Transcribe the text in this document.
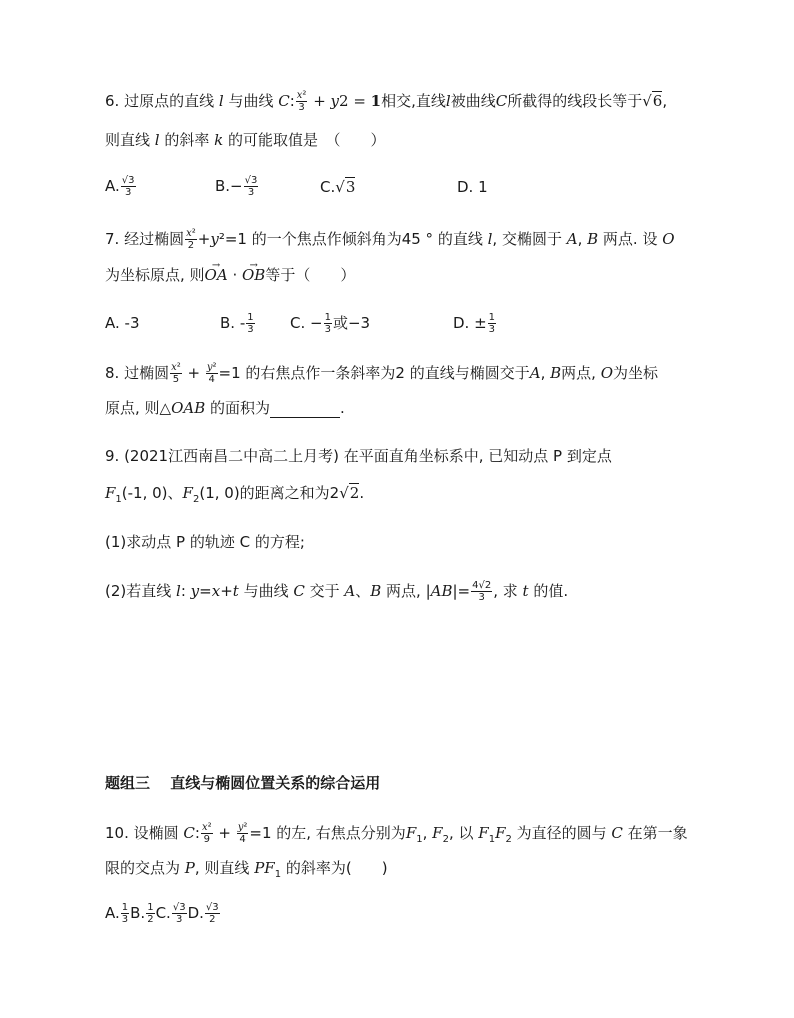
6. 过原点的直线 l 与曲线 C: $\frac{\text{x²}}{3} + y2 = 1$相交,直线l被曲线C所截得的线段长等于√6,
则直线 l 的斜率 k 的可能取值是　（　　）
A. $\frac{√3}{3}$	$B.- \frac{√3}{3}$	C.√3	D. 1
7. 经过椭圆 $\frac{\text{x²}}{2} +y^2=1$ 的一个焦点作倾斜角为45 ° 的直线 l, 交椭圆于 A, B 两点. 设 O
为坐标原点, 则→ OA · → OB等于（　　）
A. -3	B. - $\frac{1}{3} C$. − $\frac{1}{3}$ 或−3	D. ± $\frac{1}{3}$
8. 过椭圆 $\frac{\text{x²}}{5} + \frac{\text{y²}}{4} =1$ 的右焦点作一条斜率为2 的直线与椭圆交于A, B两点, O为坐标
原点, 则△OAB 的面积为	.
9. (2021江西南昌二中高二上月考) 在平面直角坐标系中, 已知动点 P 到定点
$F_1(-1$, 0)、$F_2(1$, 0)的距离之和为2√2.
(1)求动点 P 的轨迹 C 的方程;
(2)若直线 l: y=x+t 与曲线 C 交于 A、B 两点, $|AB|= \frac{4√2}{3}$ , 求 t 的值.
题组三　 直线与椭圆位置关系的综合运用
10. 设椭圆 C: $\frac{\text{x²}}{9} + \frac{\text{y²}}{4} =1$ 的左, 右焦点分别为$F_1$, $F_2$, 以 $F_1F_2$ 为直径的圆与 C 在第一象
限的交点为 P, 则直线 $PF_1$ 的斜率为(　　)
A. $\frac{1}{3} B$. $\frac{1}{2} C$. $\frac{√3}{3} D$. $\frac{√3}{2}$
